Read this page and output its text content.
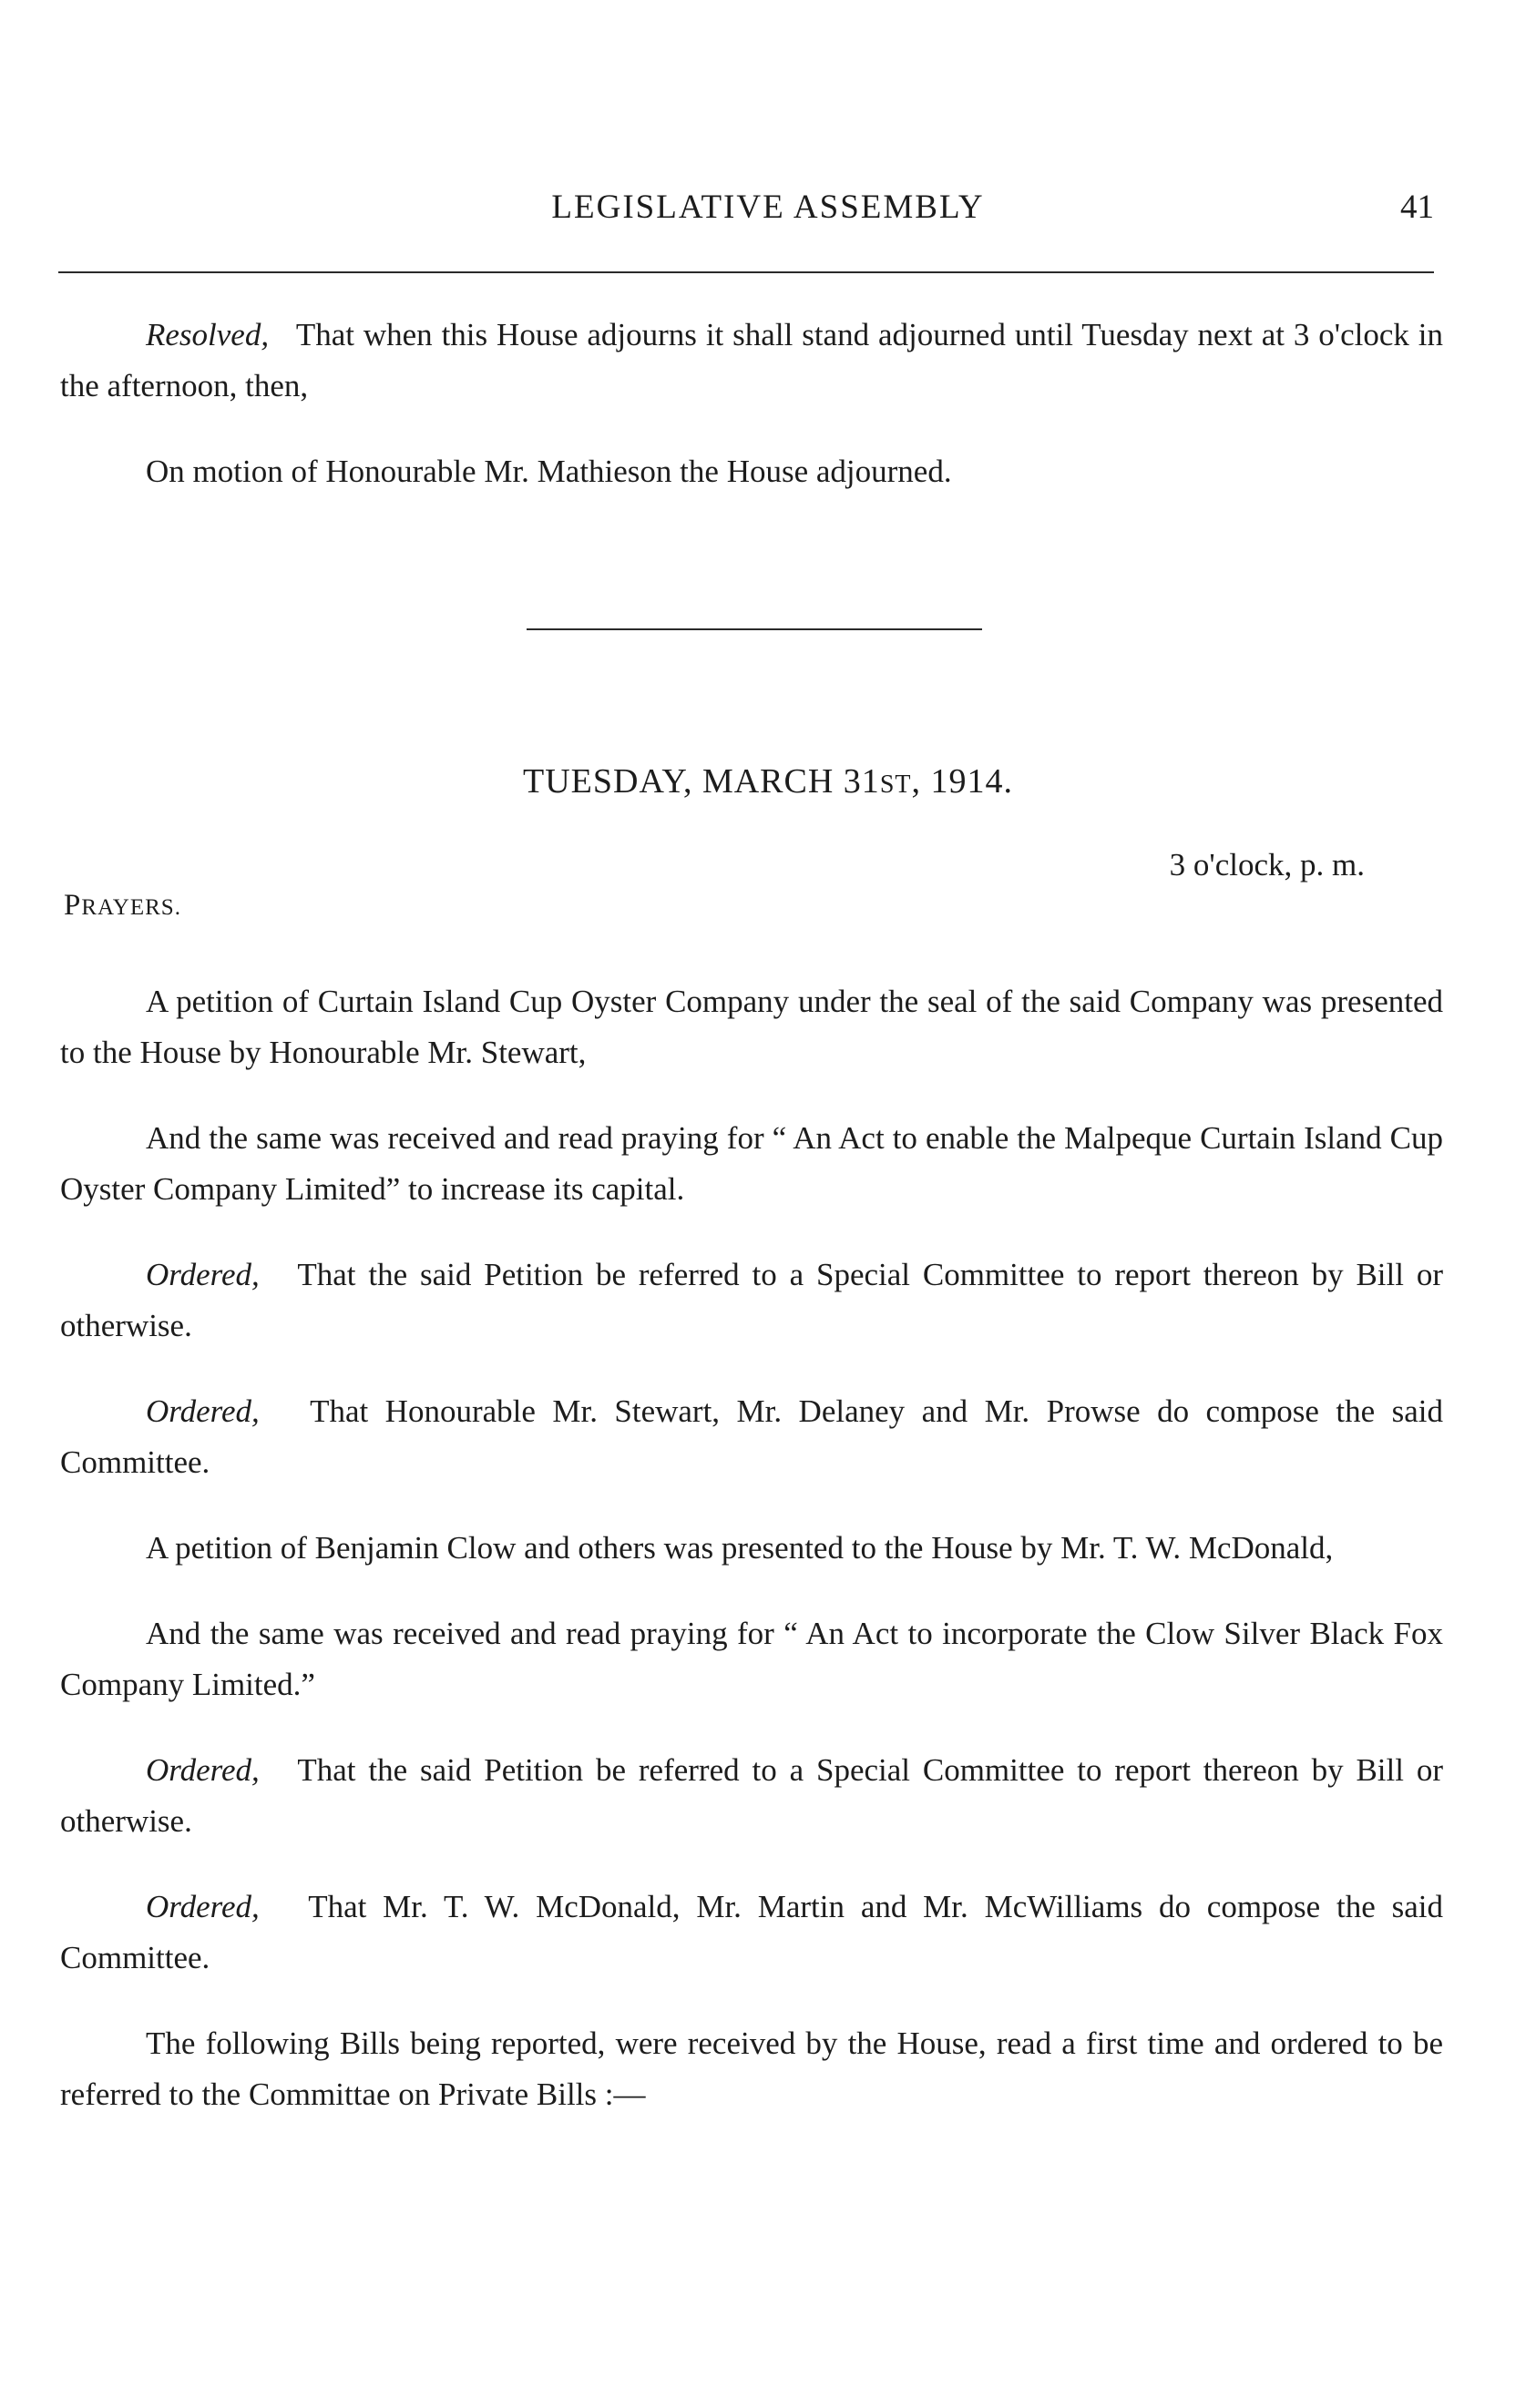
LEGISLATIVE ASSEMBLY	41

Resolved, That when this House adjourns it shall stand adjourned until Tuesday next at 3 o'clock in the afternoon, then,

On motion of Honourable Mr. Mathieson the House adjourned.

TUESDAY, MARCH 31ST, 1914.
3 o'clock, p. m.
PRAYERS.

A petition of Curtain Island Cup Oyster Company under the seal of the said Company was presented to the House by Honourable Mr. Stewart,

And the same was received and read praying for “ An Act to enable the Malpeque Curtain Island Cup Oyster Company Limited” to increase its capital.

Ordered, That the said Petition be referred to a Special Committee to report thereon by Bill or otherwise.

Ordered, That Honourable Mr. Stewart, Mr. Delaney and Mr. Prowse do compose the said Committee.

A petition of Benjamin Clow and others was presented to the House by Mr. T. W. McDonald,

And the same was received and read praying for “ An Act to incorporate the Clow Silver Black Fox Company Limited.”

Ordered, That the said Petition be referred to a Special Committee to report thereon by Bill or otherwise.

Ordered, That Mr. T. W. McDonald, Mr. Martin and Mr. McWilliams do compose the said Committee.

The following Bills being reported, were received by the House, read a first time and ordered to be referred to the Committae on Private Bills :—
